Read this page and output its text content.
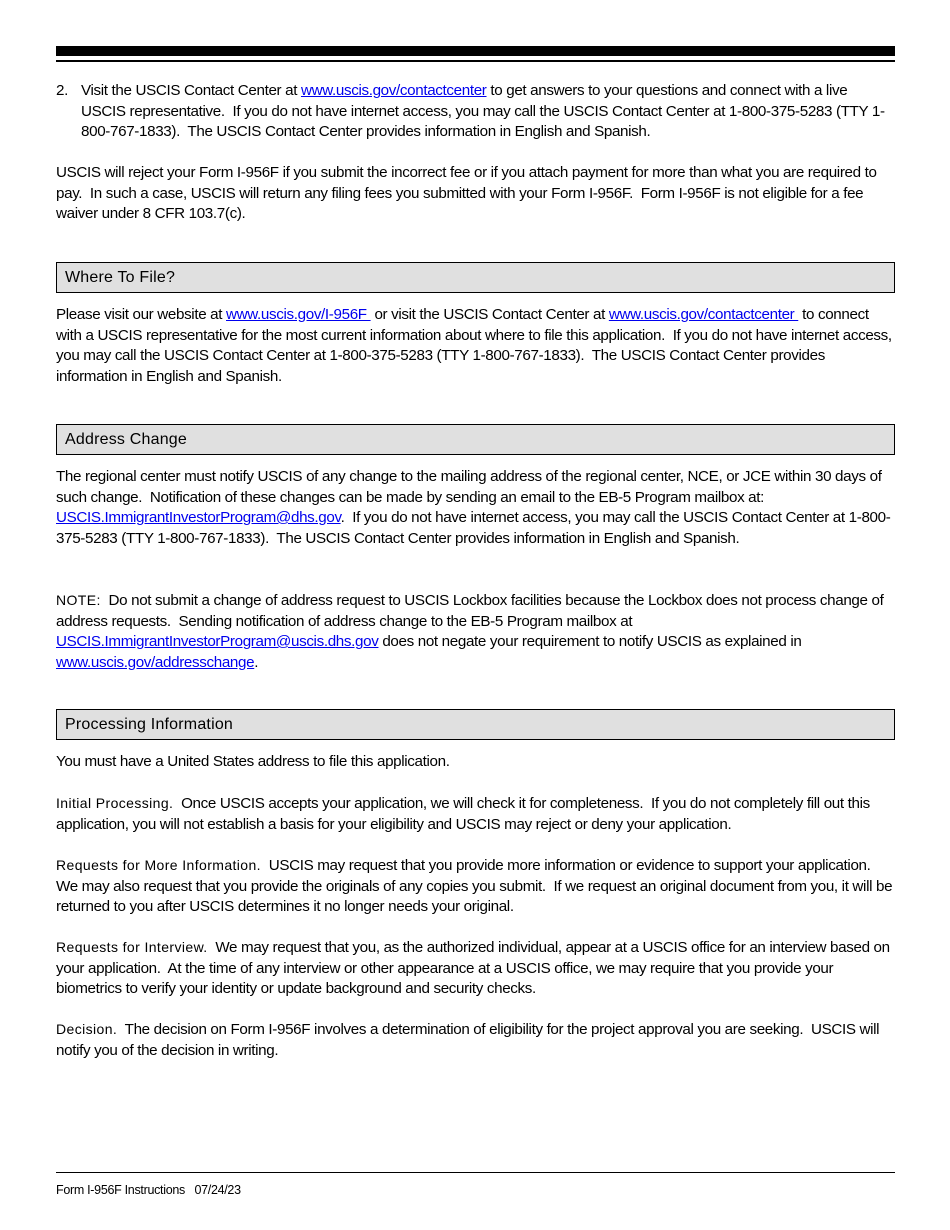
2. Visit the USCIS Contact Center at www.uscis.gov/contactcenter to get answers to your questions and connect with a live USCIS representative.  If you do not have internet access, you may call the USCIS Contact Center at 1-800-375-5283 (TTY 1-800-767-1833).  The USCIS Contact Center provides information in English and Spanish.
USCIS will reject your Form I-956F if you submit the incorrect fee or if you attach payment for more than what you are required to pay.  In such a case, USCIS will return any filing fees you submitted with your Form I-956F.  Form I-956F is not eligible for a fee waiver under 8 CFR 103.7(c).
Where To File?
Please visit our website at www.uscis.gov/I-956F  or visit the USCIS Contact Center at www.uscis.gov/contactcenter  to connect with a USCIS representative for the most current information about where to file this application.  If you do not have internet access, you may call the USCIS Contact Center at 1-800-375-5283 (TTY 1-800-767-1833).  The USCIS Contact Center provides information in English and Spanish.
Address Change
The regional center must notify USCIS of any change to the mailing address of the regional center, NCE, or JCE within 30 days of such change.  Notification of these changes can be made by sending an email to the EB-5 Program mailbox at:  USCIS.ImmigrantInvestorProgram@dhs.gov.  If you do not have internet access, you may call the USCIS Contact Center at 1-800-375-5283 (TTY 1-800-767-1833).  The USCIS Contact Center provides information in English and Spanish.
NOTE:  Do not submit a change of address request to USCIS Lockbox facilities because the Lockbox does not process change of address requests.  Sending notification of address change to the EB-5 Program mailbox at USCIS.ImmigrantInvestorProgram@uscis.dhs.gov does not negate your requirement to notify USCIS as explained in www.uscis.gov/addresschange.
Processing Information
You must have a United States address to file this application.
Initial Processing.  Once USCIS accepts your application, we will check it for completeness.  If you do not completely fill out this application, you will not establish a basis for your eligibility and USCIS may reject or deny your application.
Requests for More Information.  USCIS may request that you provide more information or evidence to support your application.  We may also request that you provide the originals of any copies you submit.  If we request an original document from you, it will be returned to you after USCIS determines it no longer needs your original.
Requests for Interview.  We may request that you, as the authorized individual, appear at a USCIS office for an interview based on your application.  At the time of any interview or other appearance at a USCIS office, we may require that you provide your biometrics to verify your identity or update background and security checks.
Decision.  The decision on Form I-956F involves a determination of eligibility for the project approval you are seeking.  USCIS will notify you of the decision in writing.
Form I-956F Instructions   07/24/23
